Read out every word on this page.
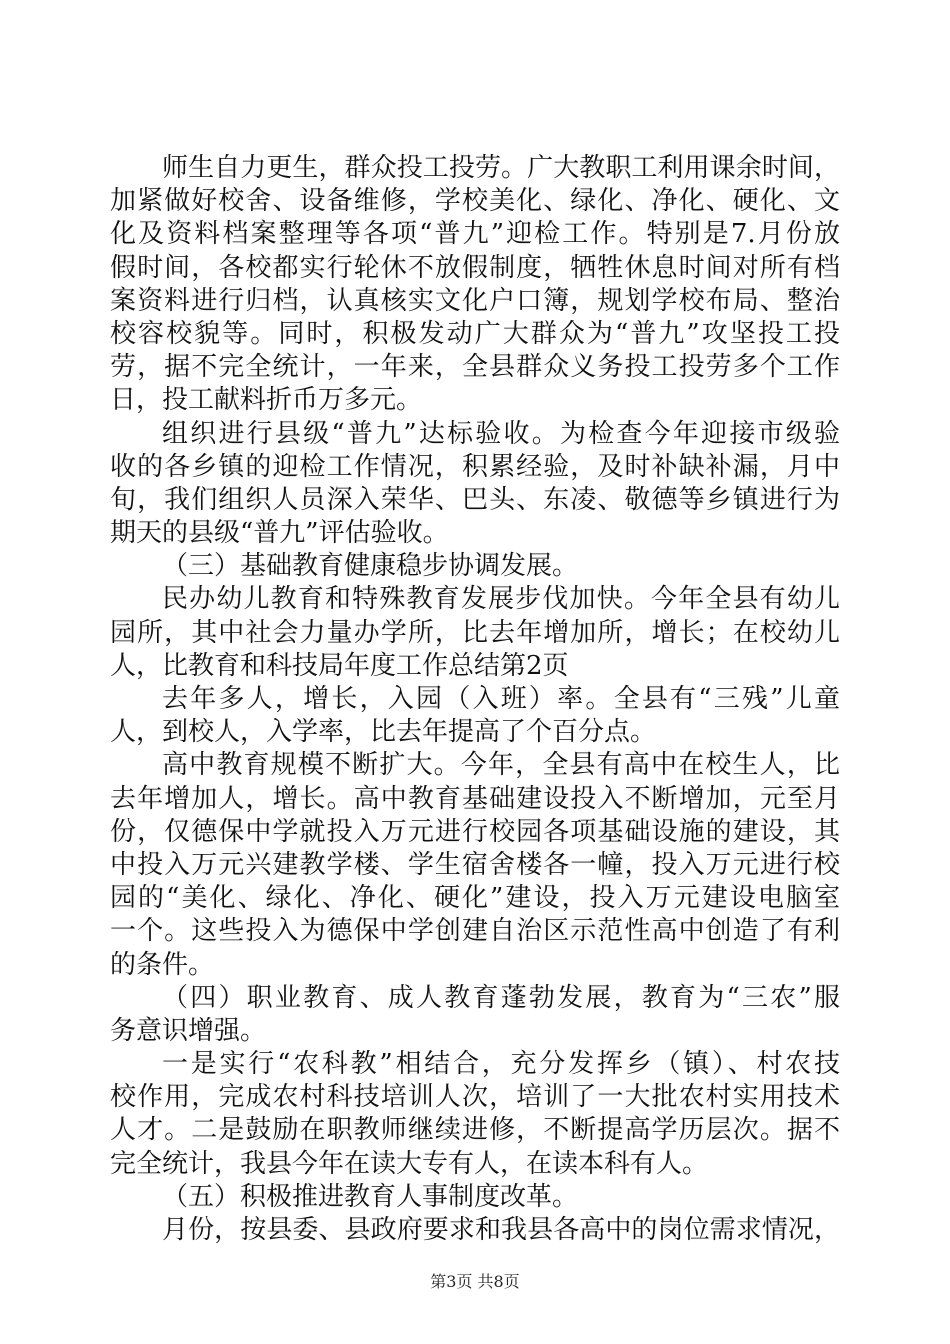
师生自力更生，群众投工投劳。广大教职工利用课余时间，
加紧做好校舍、设备维修，学校美化、绿化、净化、硬化、文
化及资料档案整理等各项“普九”迎检工作。特别是7.月份放
假时间，各校都实行轮休不放假制度，牺牲休息时间对所有档
案资料进行归档，认真核实文化户口簿，规划学校布局、整治
校容校貌等。同时，积极发动广大群众为“普九”攻坚投工投
劳，据不完全统计，一年来，全县群众义务投工投劳多个工作
日，投工献料折币万多元。
组织进行县级“普九”达标验收。为检查今年迎接市级验
收的各乡镇的迎检工作情况，积累经验，及时补缺补漏，月中
旬，我们组织人员深入荣华、巴头、东凌、敬德等乡镇进行为
期天的县级“普九”评估验收。
（三）基础教育健康稳步协调发展。
民办幼儿教育和特殊教育发展步伐加快。今年全县有幼儿
园所，其中社会力量办学所，比去年增加所，增长；在校幼儿
人，比教育和科技局年度工作总结第2页
去年多人，增长，入园（入班）率。全县有“三残”儿童
人，到校人，入学率，比去年提高了个百分点。
高中教育规模不断扩大。今年，全县有高中在校生人，比
去年增加人，增长。高中教育基础建设投入不断增加，元至月
份，仅德保中学就投入万元进行校园各项基础设施的建设，其
中投入万元兴建教学楼、学生宿舍楼各一幢，投入万元进行校
园的“美化、绿化、净化、硬化”建设，投入万元建设电脑室
一个。这些投入为德保中学创建自治区示范性高中创造了有利
的条件。
（四）职业教育、成人教育蓬勃发展，教育为“三农”服
务意识增强。
一是实行“农科教”相结合，充分发挥乡（镇）、村农技
校作用，完成农村科技培训人次，培训了一大批农村实用技术
人才。二是鼓励在职教师继续进修，不断提高学历层次。据不
完全统计，我县今年在读大专有人，在读本科有人。
（五）积极推进教育人事制度改革。
月份，按县委、县政府要求和我县各高中的岗位需求情况，
第3页 共8页
